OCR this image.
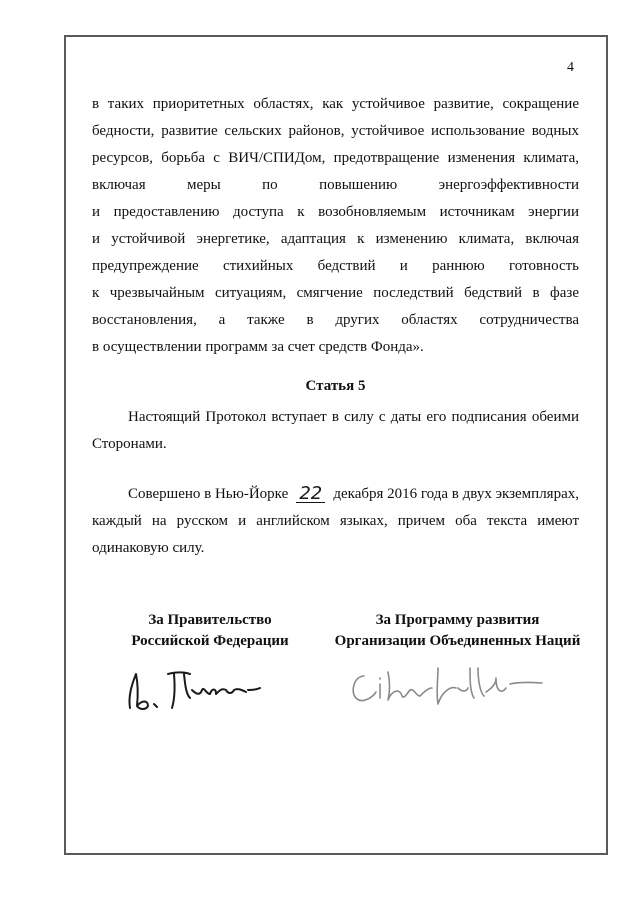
4
в таких приоритетных областях, как устойчивое развитие, сокращение
бедности, развитие сельских районов, устойчивое использование водных
ресурсов, борьба с ВИЧ/СПИДом, предотвращение изменения климата,
включая меры по повышению энергоэффективности
и предоставлению доступа к возобновляемым источникам энергии
и устойчивой энергетике, адаптация к изменению климата, включая
предупреждение стихийных бедствий и раннюю готовность
к чрезвычайным ситуациям, смягчение последствий бедствий в фазе
восстановления, а также в других областях сотрудничества
в осуществлении программ за счет средств Фонда».
Статья 5
Настоящий Протокол вступает в силу с даты его подписания обеими
Сторонами.
Совершено в Нью-Йорке 22 декабря 2016 года в двух экземплярах,
каждый на русском и английском языках, причем оба текста имеют
одинаковую силу.
За Правительство
Российской Федерации
За Программу развития
Организации Объединенных Наций
